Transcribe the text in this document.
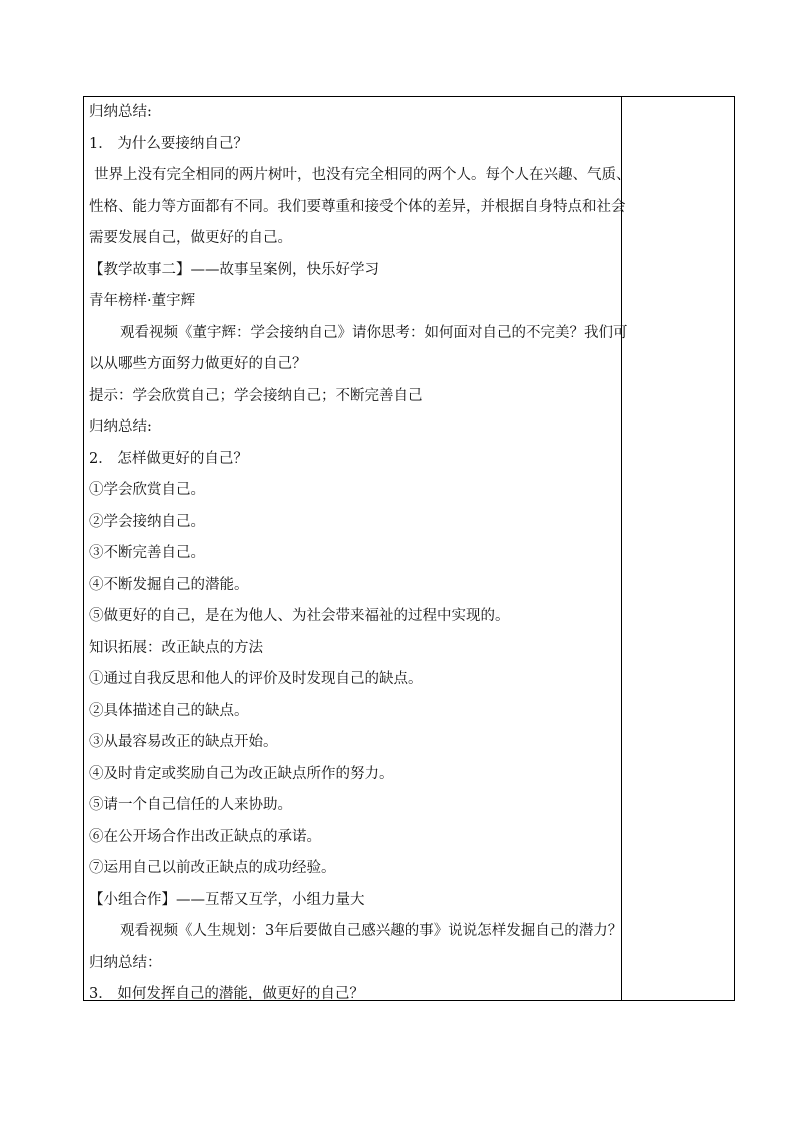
归纳总结:
1． 为什么要接纳自己？
世界上没有完全相同的两片树叶，也没有完全相同的两个人。每个人在兴趣、气质、
性格、能力等方面都有不同。我们要尊重和接受个体的差异，并根据自身特点和社会
需要发展自己，做更好的自己。
【教学故事二】——故事呈案例，快乐好学习
青年榜样·董宇辉
观看视频《董宇辉：学会接纳自己》请你思考：如何面对自己的不完美？我们可
以从哪些方面努力做更好的自己？
提示：学会欣赏自己；学会接纳自己；不断完善自己
归纳总结:
2． 怎样做更好的自己？
①学会欣赏自己。
②学会接纳自己。
③不断完善自己。
④不断发掘自己的潜能。
⑤做更好的自己，是在为他人、为社会带来福祉的过程中实现的。
知识拓展：改正缺点的方法
①通过自我反思和他人的评价及时发现自己的缺点。
②具体描述自己的缺点。
③从最容易改正的缺点开始。
④及时肯定或奖励自己为改正缺点所作的努力。
⑤请一个自己信任的人来协助。
⑥在公开场合作出改正缺点的承诺。
⑦运用自己以前改正缺点的成功经验。
【小组合作】——互帮又互学，小组力量大
观看视频《人生规划：3年后要做自己感兴趣的事》说说怎样发掘自己的潜力？
归纳总结：
3． 如何发挥自己的潜能，做更好的自己？
